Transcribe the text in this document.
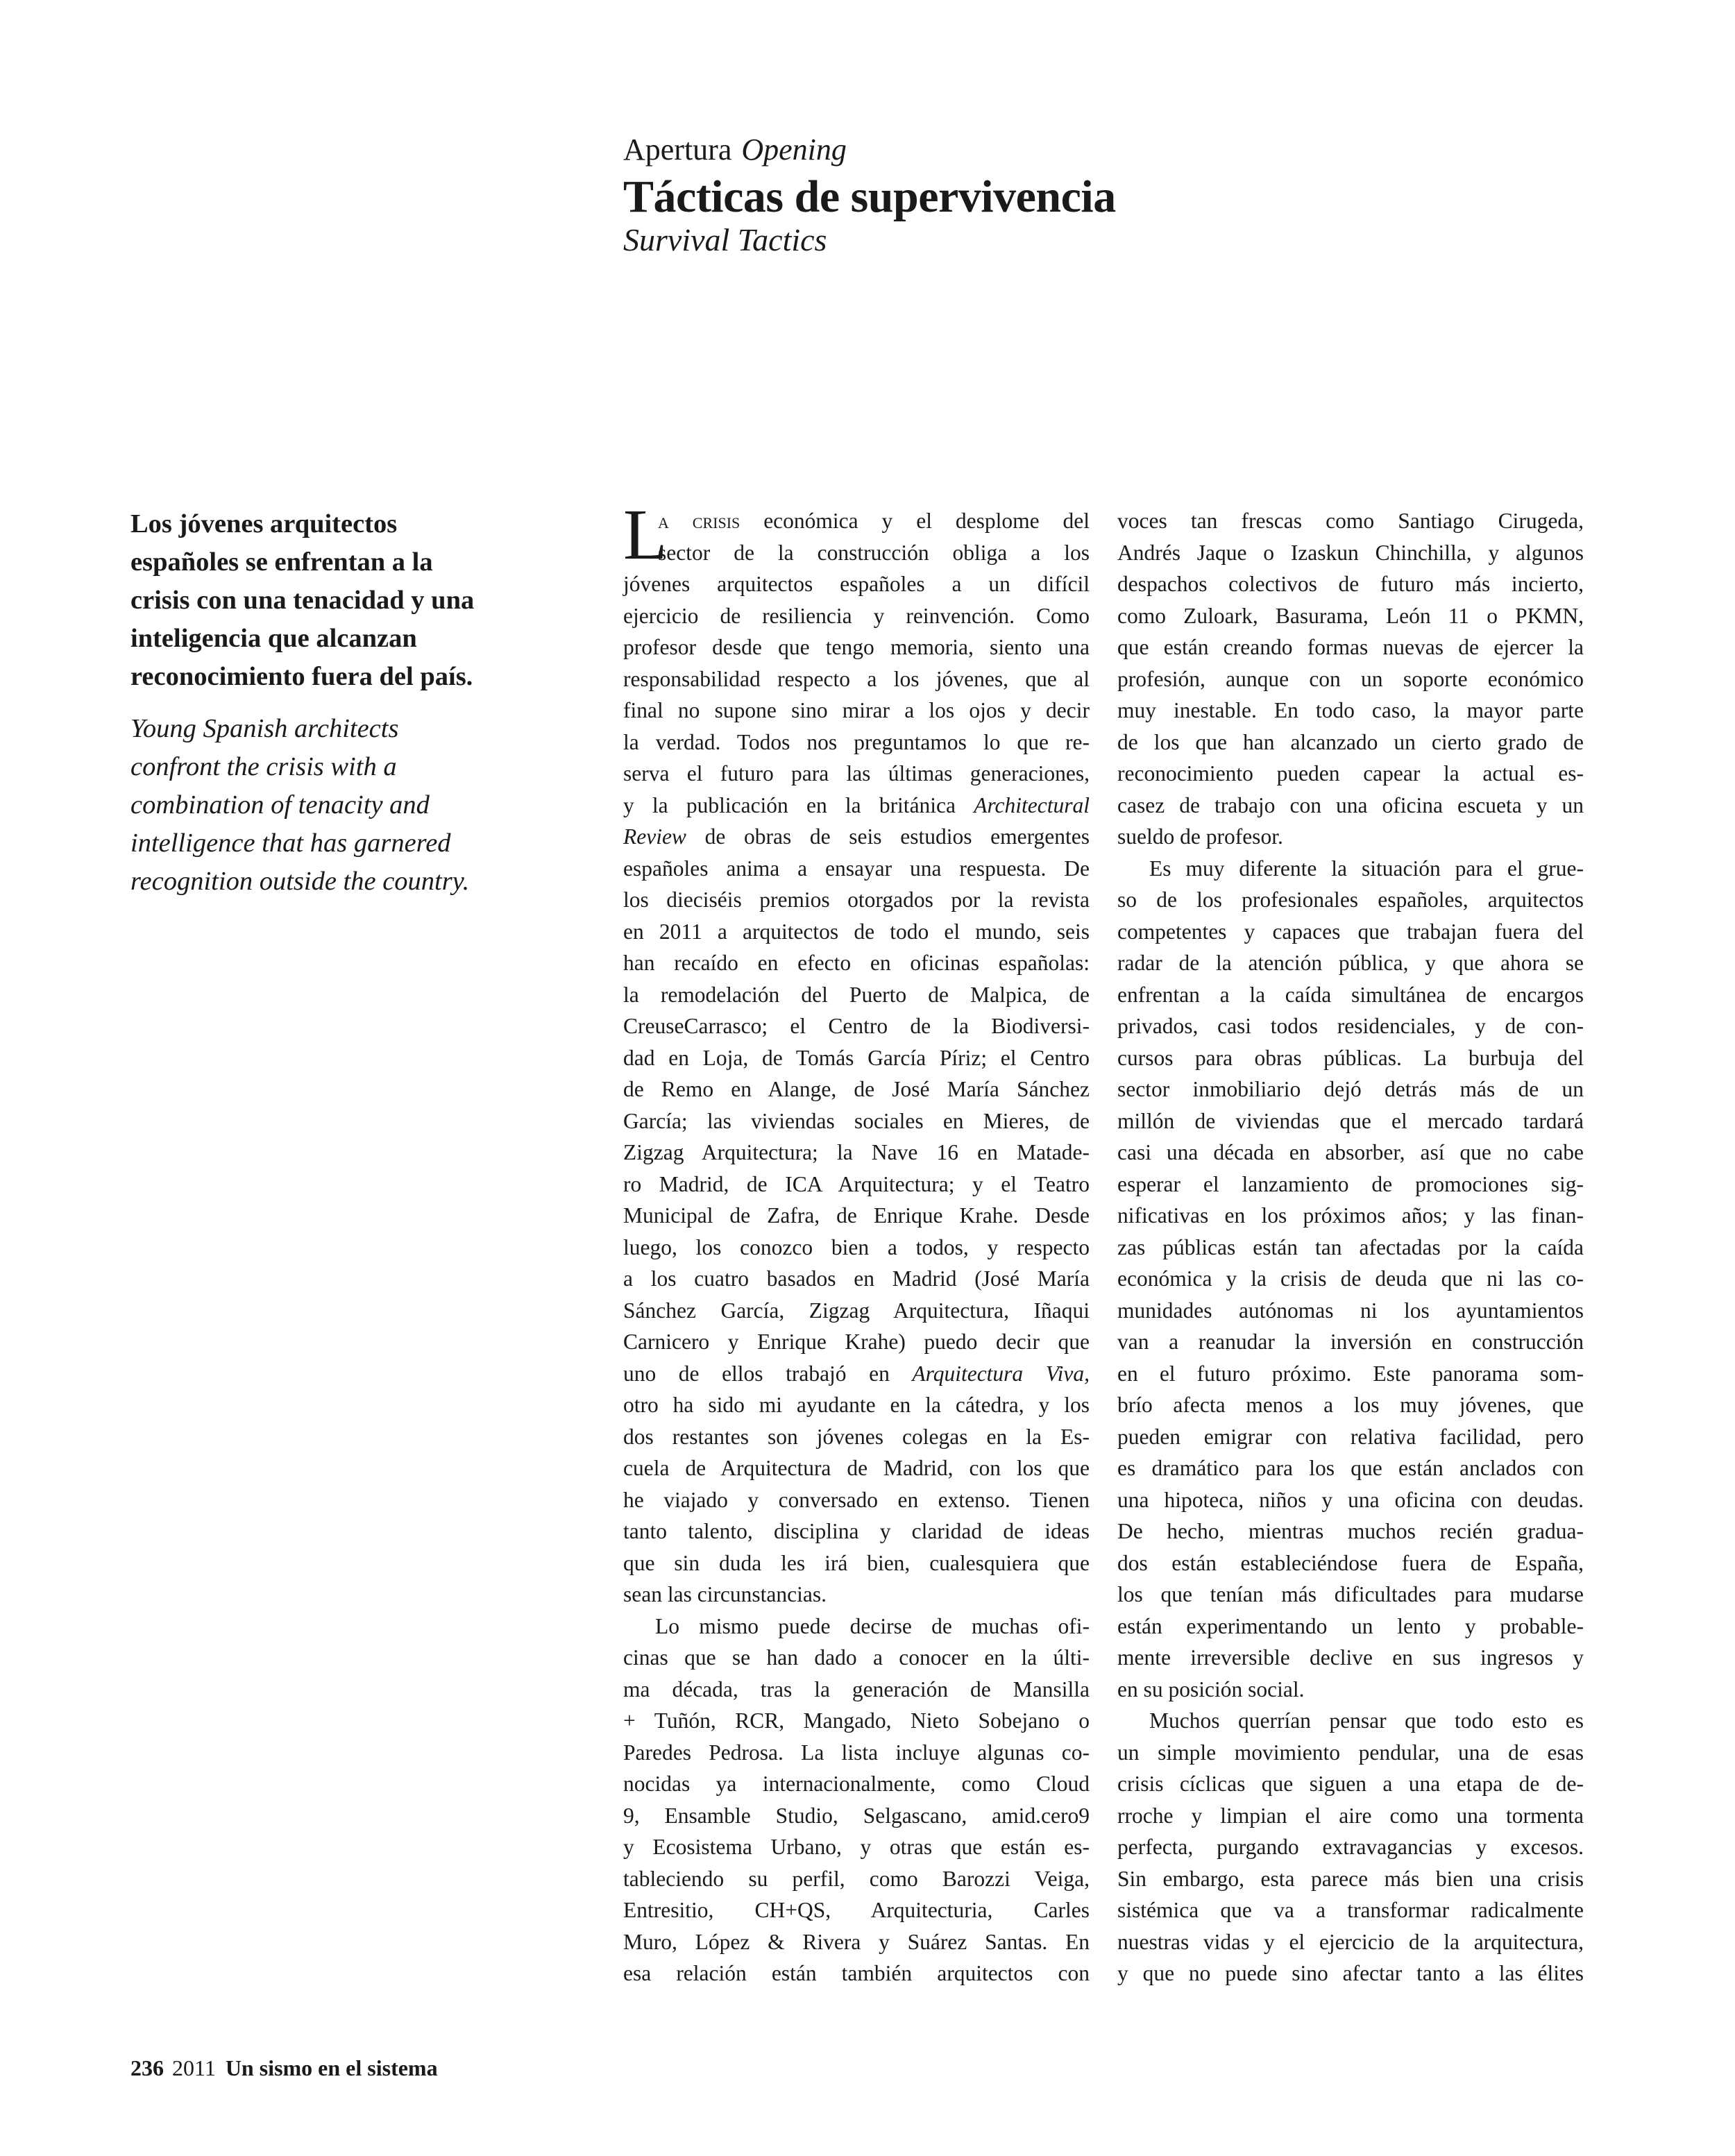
Apertura Opening
Tácticas de supervivencia
Survival Tactics

Los jóvenes arquitectos españoles se enfrentan a la crisis con una tenacidad y una inteligencia que alcanzan reconocimiento fuera del país.

Young Spanish architects confront the crisis with a combination of tenacity and intelligence that has garnered recognition outside the country.

L
a crisis económica y el desplome del
sector de la construcción obliga a los
jóvenes arquitectos españoles a un difícil
ejercicio de resiliencia y reinvención. Como
profesor desde que tengo memoria, siento una
responsabilidad respecto a los jóvenes, que al
final no supone sino mirar a los ojos y decir
la verdad. Todos nos preguntamos lo que re-
serva el futuro para las últimas generaciones,
y la publicación en la británica Architectural
Review de obras de seis estudios emergentes
españoles anima a ensayar una respuesta. De
los dieciséis premios otorgados por la revista
en 2011 a arquitectos de todo el mundo, seis
han recaído en efecto en oficinas españolas:
la remodelación del Puerto de Malpica, de
CreuseCarrasco; el Centro de la Biodiversi-
dad en Loja, de Tomás García Píriz; el Centro
de Remo en Alange, de José María Sánchez
García; las viviendas sociales en Mieres, de
Zigzag Arquitectura; la Nave 16 en Matade-
ro Madrid, de ICA Arquitectura; y el Teatro
Municipal de Zafra, de Enrique Krahe. Desde
luego, los conozco bien a todos, y respecto
a los cuatro basados en Madrid (José María
Sánchez García, Zigzag Arquitectura, Iñaqui
Carnicero y Enrique Krahe) puedo decir que
uno de ellos trabajó en Arquitectura Viva,
otro ha sido mi ayudante en la cátedra, y los
dos restantes son jóvenes colegas en la Es-
cuela de Arquitectura de Madrid, con los que
he viajado y conversado en extenso. Tienen
tanto talento, disciplina y claridad de ideas
que sin duda les irá bien, cualesquiera que
sean las circunstancias.
Lo mismo puede decirse de muchas ofi-
cinas que se han dado a conocer en la últi-
ma década, tras la generación de Mansilla
+ Tuñón, RCR, Mangado, Nieto Sobejano o
Paredes Pedrosa. La lista incluye algunas co-
nocidas ya internacionalmente, como Cloud
9, Ensamble Studio, Selgascano, amid.cero9
y Ecosistema Urbano, y otras que están es-
tableciendo su perfil, como Barozzi Veiga,
Entresitio, CH+QS, Arquitecturia, Carles
Muro, López & Rivera y Suárez Santas. En
esa relación están también arquitectos con
voces tan frescas como Santiago Cirugeda,
Andrés Jaque o Izaskun Chinchilla, y algunos
despachos colectivos de futuro más incierto,
como Zuloark, Basurama, León 11 o PKMN,
que están creando formas nuevas de ejercer la
profesión, aunque con un soporte económico
muy inestable. En todo caso, la mayor parte
de los que han alcanzado un cierto grado de
reconocimiento pueden capear la actual es-
casez de trabajo con una oficina escueta y un
sueldo de profesor.
Es muy diferente la situación para el grue-
so de los profesionales españoles, arquitectos
competentes y capaces que trabajan fuera del
radar de la atención pública, y que ahora se
enfrentan a la caída simultánea de encargos
privados, casi todos residenciales, y de con-
cursos para obras públicas. La burbuja del
sector inmobiliario dejó detrás más de un
millón de viviendas que el mercado tardará
casi una década en absorber, así que no cabe
esperar el lanzamiento de promociones sig-
nificativas en los próximos años; y las finan-
zas públicas están tan afectadas por la caída
económica y la crisis de deuda que ni las co-
munidades autónomas ni los ayuntamientos
van a reanudar la inversión en construcción
en el futuro próximo. Este panorama som-
brío afecta menos a los muy jóvenes, que
pueden emigrar con relativa facilidad, pero
es dramático para los que están anclados con
una hipoteca, niños y una oficina con deudas.
De hecho, mientras muchos recién gradua-
dos están estableciéndose fuera de España,
los que tenían más dificultades para mudarse
están experimentando un lento y probable-
mente irreversible declive en sus ingresos y
en su posición social.
Muchos querrían pensar que todo esto es
un simple movimiento pendular, una de esas
crisis cíclicas que siguen a una etapa de de-
rroche y limpian el aire como una tormenta
perfecta, purgando extravagancias y excesos.
Sin embargo, esta parece más bien una crisis
sistémica que va a transformar radicalmente
nuestras vidas y el ejercicio de la arquitectura,
y que no puede sino afectar tanto a las élites
236 2011 Un sismo en el sistema
